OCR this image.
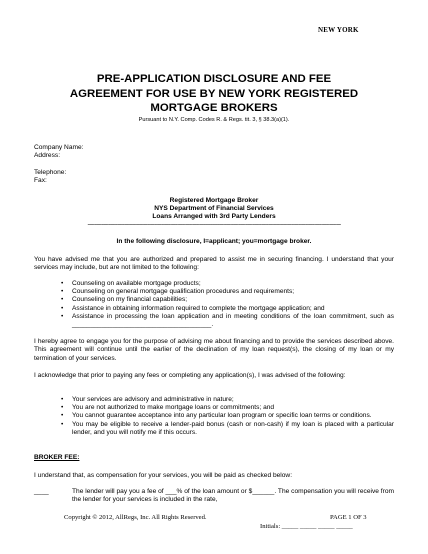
NEW YORK
PRE-APPLICATION DISCLOSURE AND FEE
AGREEMENT FOR USE BY NEW YORK REGISTERED
MORTGAGE BROKERS
Pursuant to N.Y. Comp. Codes R. & Regs. tit. 3, § 38.3(a)(1).
Company Name:
Address:
Telephone:
Fax:
Registered Mortgage Broker
NYS Department of Financial Services
Loans Arranged with 3rd Party Lenders
-------------------------------------------------------------------------------------------------------------------------------------------------------------------------------------
In the following disclosure, I=applicant; you=mortgage broker.
You have advised me that you are authorized and prepared to assist me in securing financing. I understand that your services may include, but are not limited to the following:
• Counseling on available mortgage products;
• Counseling on general mortgage qualification procedures and requirements;
• Counseling on my financial capabilities;
• Assistance in obtaining information required to complete the mortgage application; and
• Assistance in processing the loan application and in meeting conditions of the loan commitment, such as ______________________________________.
I hereby agree to engage you for the purpose of advising me about financing and to provide the services described above. This agreement will continue until the earlier of the declination of my loan request(s), the closing of my loan or my termination of your services.
I acknowledge that prior to paying any fees or completing any application(s), I was advised of the following:
• Your services are advisory and administrative in nature;
• You are not authorized to make mortgage loans or commitments; and
• You cannot guarantee acceptance into any particular loan program or specific loan terms or conditions.
• You may be eligible to receive a lender-paid bonus (cash or non-cash) if my loan is placed with a particular lender, and you will notify me if this occurs.
BROKER FEE:
I understand that, as compensation for your services, you will be paid as checked below:
____	The lender will pay you a fee of ___% of the loan amount or $______. The compensation you will receive from the lender for your services is included in the rate,
Copyright © 2012, AllRegs, Inc. All Rights Reserved.	PAGE 1 OF 3
Initials: _____ _____ _____ _____
